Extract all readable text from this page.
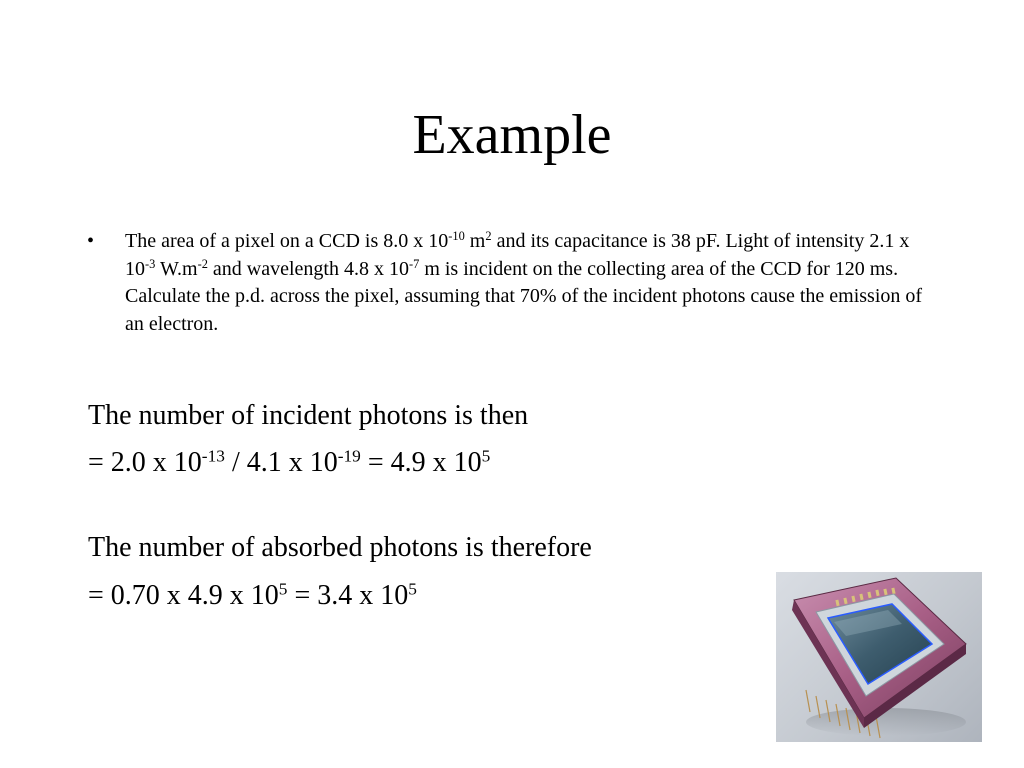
Example
•	The area of a pixel on a CCD is 8.0 x $10^{-10}$ $m^2$ and its capacitance is 38 pF. Light of intensity 2.1 x $10^{-3}$ $W.m^{-2}$ and wavelength 4.8 x $10^{-7}$ m is incident on the collecting area of the CCD for 120 ms. Calculate the p.d. across the pixel, assuming that 70% of the incident photons cause the emission of an electron.
The number of incident photons is then
= 2.0 x $10^{-13} / 4.1$ x $10^{-19} = 4.9$ x $10^5$
The number of absorbed photons is therefore
= 0.70 x 4.9 x $10^5 = 3.4$ x $10^5$
